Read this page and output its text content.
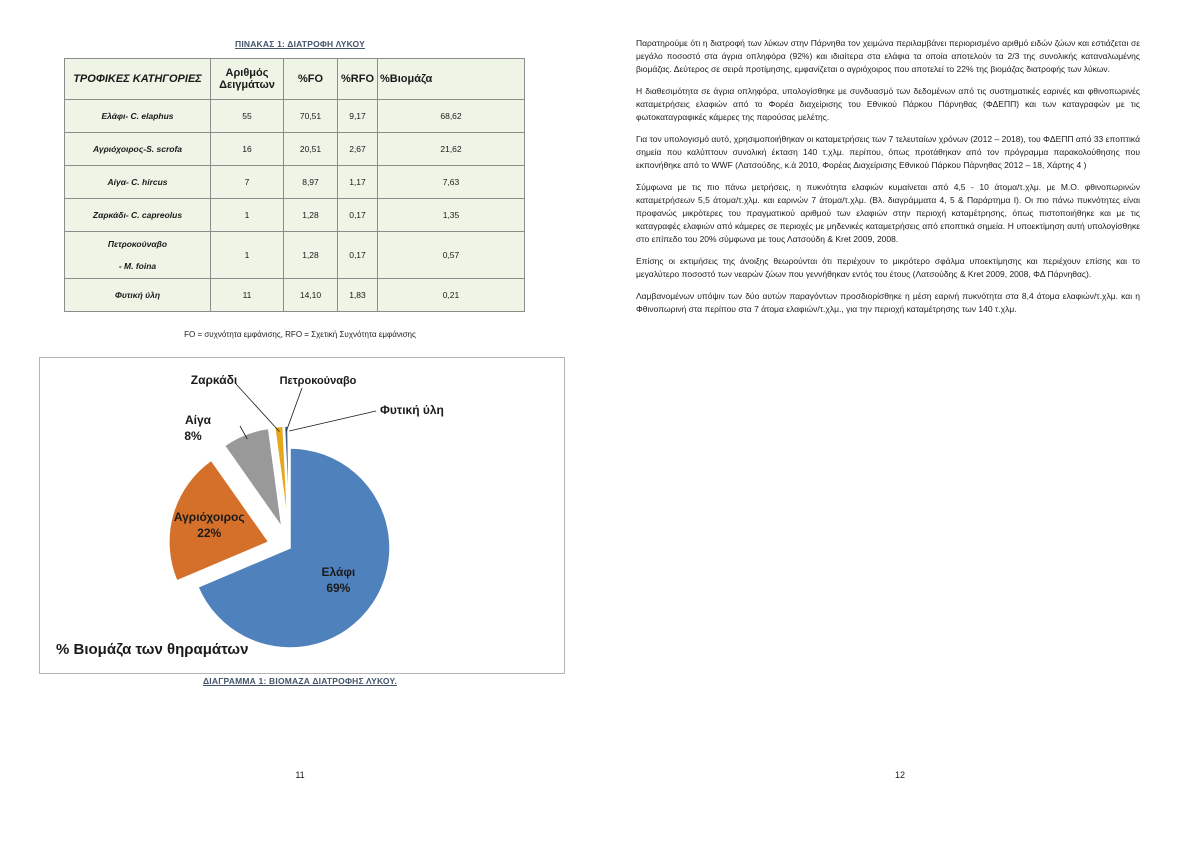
ΠΙΝΑΚΑΣ 1: ΔΙΑΤΡΟΦΗ ΛΥΚΟΥ
ΤΡΟΦΙΚΕΣ ΚΑΤΗΓΟΡΙΕΣ	Αριθμός Δειγμάτων	%FO	%RFO	%Βιομάζα
Ελάφι- C. elaphus	55	70,51	9,17	68,62
Αγριόχοιρος-S. scrofa	16	20,51	2,67	21,62
Αίγα- C. hircus	7	8,97	1,17	7,63
Ζαρκάδι- C. capreolus	1	1,28	0,17	1,35

Πετροκούναβο
- M. foina	1	1,28	0,17	0,57
Φυτική ύλη	11	14,10	1,83	0,21
FO = συχνότητα εμφάνισης, RFO = Σχετική Συχνότητα εμφάνισης
Ελάφι
69%
Αγριόχοιρος
22%
Αίγα
8%
Ζαρκάδι	Πετροκούναβο
Φυτική ύλη
% Βιομάζα των θηραμάτων
ΔΙΑΓΡΑΜΜΑ 1: ΒΙΟΜΑΖΑ ΔΙΑΤΡΟΦΗΣ ΛΥΚΟΥ.
11

Παρατηρούμε ότι η διατροφή των λύκων στην Πάρνηθα τον χειμώνα περιλαμβάνει περιορισμένο αριθμό ειδών ζώων και εστιάζεται σε μεγάλο ποσοστό στα άγρια οπληφόρα (92%) και ιδιαίτερα στα ελάφια τα οποία αποτελούν τα 2/3 της συνολικής καταναλωμένης βιομάζας. Δεύτερος σε σειρά προτίμησης, εμφανίζεται ο αγριόχοιρος που αποτελεί το 22% της βιομάζας διατροφής των λύκων.

Η διαθεσιμότητα σε άγρια οπληφόρα, υπολογίσθηκε με συνδυασμό των δεδομένων από τις συστηματικές εαρινές και φθινοπωρινές καταμετρήσεις ελαφιών από το Φορέα διαχείρισης του Εθνικού Πάρκου Πάρνηθας (ΦΔΕΠΠ) και των καταγραφών με τις φωτοκαταγραφικές κάμερες της παρούσας μελέτης.

Για τον υπολογισμό αυτό, χρησιμοποιήθηκαν οι καταμετρήσεις των 7 τελευταίων χρόνων (2012 – 2018), του ΦΔΕΠΠ από 33 εποπτικά σημεία που καλύπτουν συνολική έκταση 140 τ.χλμ. περίπου, όπως προτάθηκαν από τον πρόγραμμα παρακολούθησης που εκπονήθηκε από το WWF (Λατσούδης, κ.ά 2010, Φορέας Διαχείρισης Εθνικού Πάρκου Πάρνηθας 2012 – 18, Χάρτης 4 )

Σύμφωνα με τις πιο πάνω μετρήσεις, η πυκνότητα ελαφιών κυμαίνεται από 4,5 - 10 άτομα/τ.χλμ. με Μ.Ο. φθινοπωρινών καταμετρήσεων 5,5 άτομα/τ.χλμ. και εαρινών 7 άτομα/τ.χλμ. (Βλ. διαγράμματα 4, 5 & Παράρτημα Ι). Οι πιο πάνω πυκνότητες είναι προφανώς μικρότερες του πραγματικού αριθμού των ελαφιών στην περιοχή καταμέτρησης, όπως πιστοποιήθηκε και με τις καταγραφές ελαφιών από κάμερες σε περιοχές με μηδενικές καταμετρήσεις από εποπτικά σημεία. Η υποεκτίμηση αυτή υπολογίσθηκε στο επίπεδο του 20% σύμφωνα με τους Λατσούδη & Kret 2009, 2008.

Επίσης οι εκτιμήσεις της άνοιξης θεωρούνται ότι περιέχουν το μικρότερο σφάλμα υποεκτίμησης και περιέχουν επίσης και το μεγαλύτερο ποσοστό των νεαρών ζώων που γεννήθηκαν εντός του έτους (Λατσούδης & Kret 2009, 2008, ΦΔ Πάρνηθας).

Λαμβανομένων υπόψιν των δύο αυτών παραγόντων προσδιορίσθηκε η μέση εαρινή πυκνότητα στα 8,4 άτομα ελαφιών/τ.χλμ. και η Φθινοπωρινή στα περίπου στα 7 άτομα ελαφιών/τ.χλμ., για την περιοχή καταμέτρησης των 140 τ.χλμ.

12
